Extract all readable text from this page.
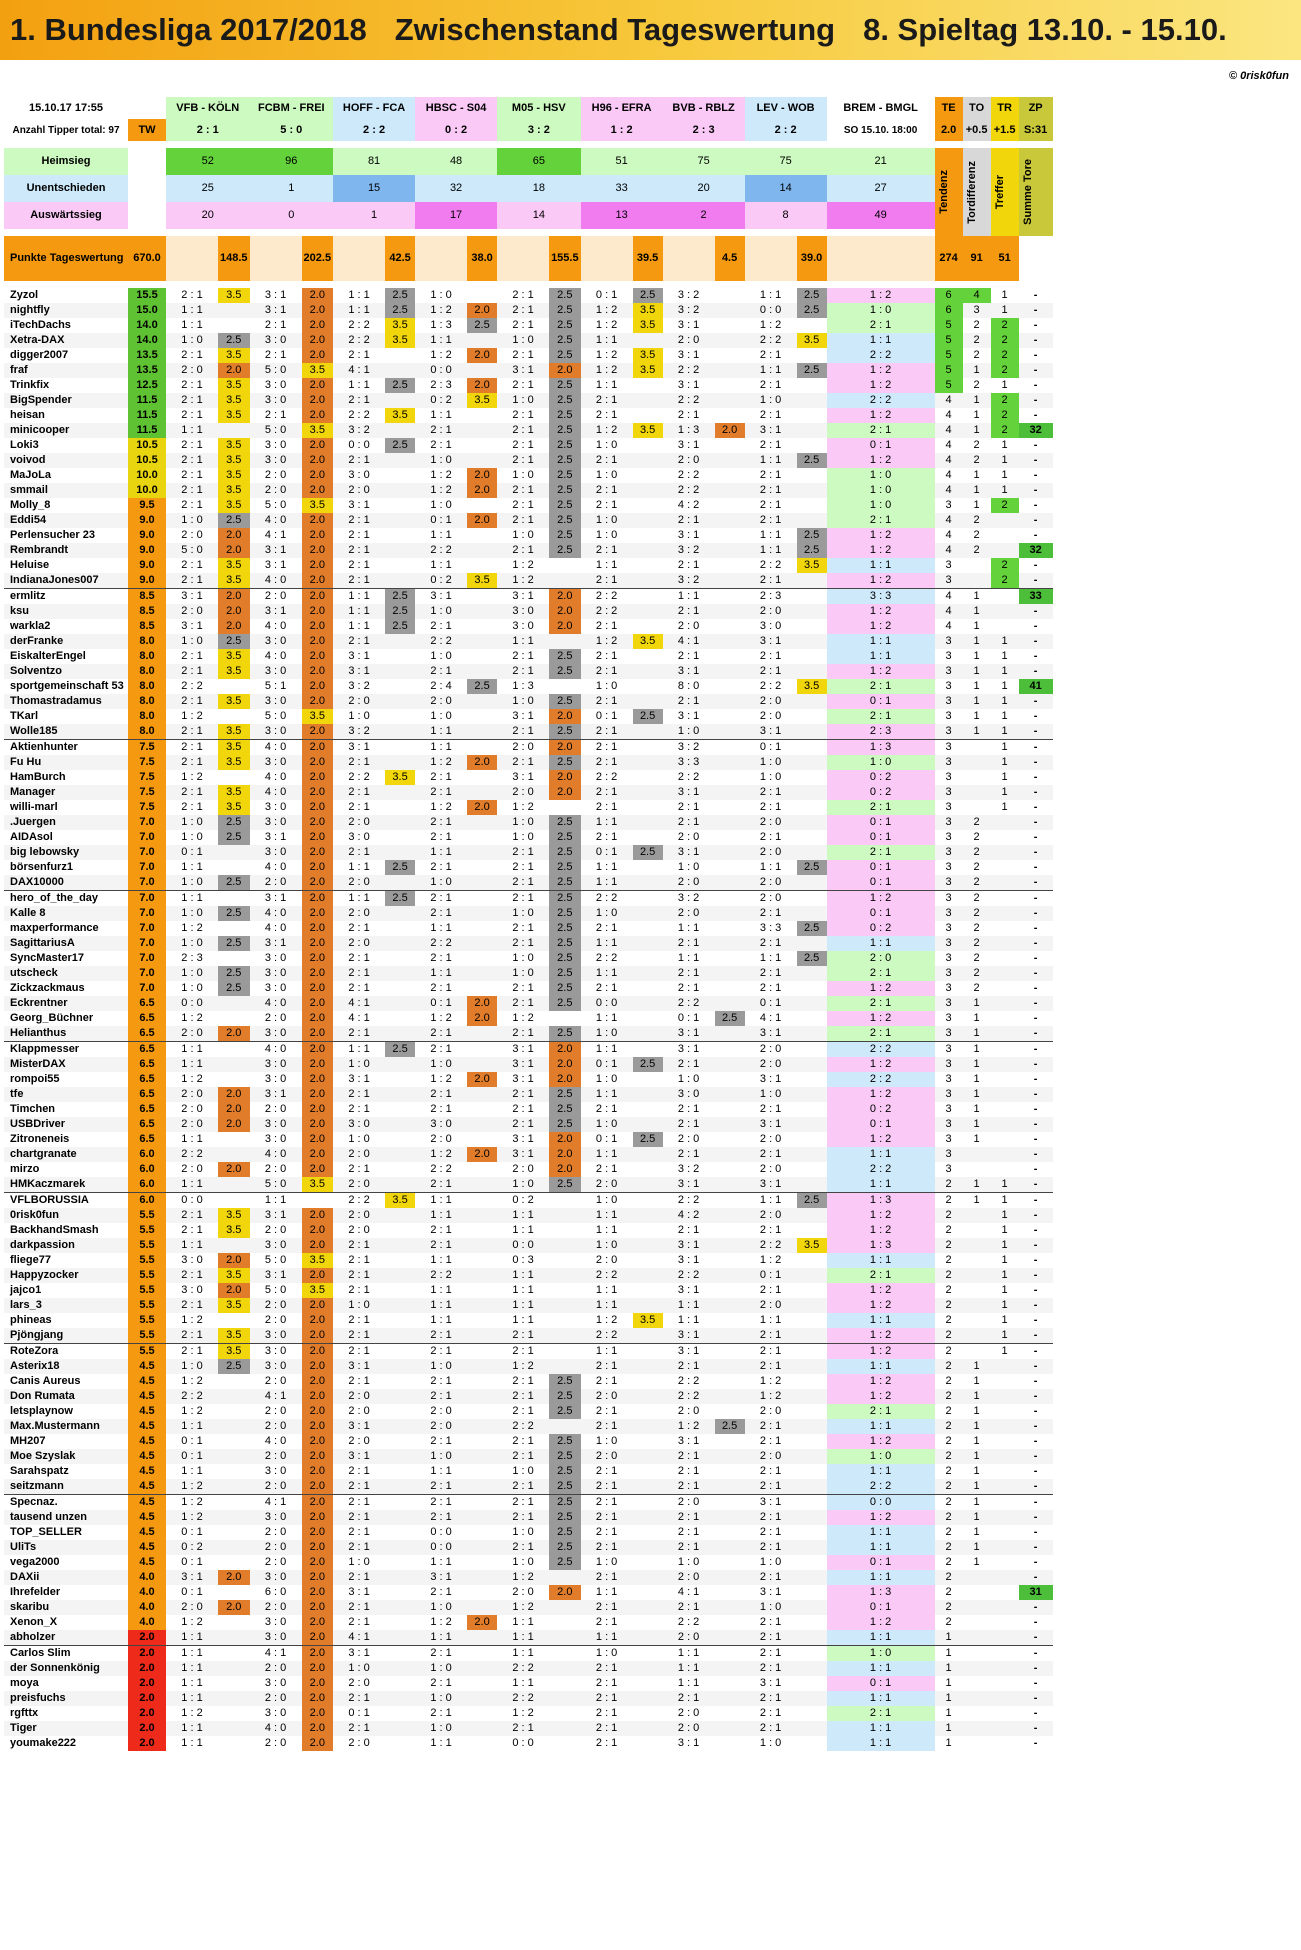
1. Bundesliga 2017/2018 Zwischenstand Tageswertung 8. Spieltag 13.10. - 15.10.
© 0risk0fun
15.10.17 17:55		VFB - KÖLN		FCBM - FREI		HOFF - FCA		HBSC - S04		M05 - HSV		H96 - EFRA		BVB - RBLZ		LEV - WOB		BREM - BMGL	TE	TO	TR	ZP
Anzahl Tipper total: 97	TW	2 : 1		5 : 0		2 : 2		0 : 2		3 : 2		1 : 2		2 : 3		2 : 2		SO 15.10. 18:00	2.0	+0.5	+1.5	S:31

Heimsieg		52		96		81		48		65		51		75		75		21	Tendenz	Tordifferenz	Treffer	Summe Tore

Unentschieden		25		1		15		32		18		33		20		14		27				
Auswärtssieg		20		0		1		17		14		13		2		8		49				

Punkte Tageswertung	670.0		148.5		202.5		42.5		38.0		155.5		39.5		4.5		39.0		274	91	51	

Zyzol	15.5	2 : 1	3.5	3 : 1	2.0	1 : 1	2.5	1 : 0		2 : 1	2.5	0 : 1	2.5	3 : 2		1 : 1	2.5	1 : 2	6	4	1	-
nightfly	15.0	1 : 1		3 : 1	2.0	1 : 1	2.5	1 : 2	2.0	2 : 1	2.5	1 : 2	3.5	3 : 2		0 : 0	2.5	1 : 0	6	3	1	-
iTechDachs	14.0	1 : 1		2 : 1	2.0	2 : 2	3.5	1 : 3	2.5	2 : 1	2.5	1 : 2	3.5	3 : 1		1 : 2		2 : 1	5	2	2	-
Xetra-DAX	14.0	1 : 0	2.5	3 : 0	2.0	2 : 2	3.5	1 : 1		1 : 0	2.5	1 : 1		2 : 0		2 : 2	3.5	1 : 1	5	2	2	-
digger2007	13.5	2 : 1	3.5	2 : 1	2.0	2 : 1		1 : 2	2.0	2 : 1	2.5	1 : 2	3.5	3 : 1		2 : 1		2 : 2	5	2	2	-
fraf	13.5	2 : 0	2.0	5 : 0	3.5	4 : 1		0 : 0		3 : 1	2.0	1 : 2	3.5	2 : 2		1 : 1	2.5	1 : 2	5	1	2	-
Trinkfix	12.5	2 : 1	3.5	3 : 0	2.0	1 : 1	2.5	2 : 3	2.0	2 : 1	2.5	1 : 1		3 : 1		2 : 1		1 : 2	5	2	1	-
BigSpender	11.5	2 : 1	3.5	3 : 0	2.0	2 : 1		0 : 2	3.5	1 : 0	2.5	2 : 1		2 : 2		1 : 0		2 : 2	4	1	2	-
heisan	11.5	2 : 1	3.5	2 : 1	2.0	2 : 2	3.5	1 : 1		2 : 1	2.5	2 : 1		2 : 1		2 : 1		1 : 2	4	1	2	-
minicooper	11.5	1 : 1		5 : 0	3.5	3 : 2		2 : 1		2 : 1	2.5	1 : 2	3.5	1 : 3	2.0	3 : 1		2 : 1	4	1	2	32
Loki3	10.5	2 : 1	3.5	3 : 0	2.0	0 : 0	2.5	2 : 1		2 : 1	2.5	1 : 0		3 : 1		2 : 1		0 : 1	4	2	1	-
voivod	10.5	2 : 1	3.5	3 : 0	2.0	2 : 1		1 : 0		2 : 1	2.5	2 : 1		2 : 0		1 : 1	2.5	1 : 2	4	2	1	-
MaJoLa	10.0	2 : 1	3.5	2 : 0	2.0	3 : 0		1 : 2	2.0	1 : 0	2.5	1 : 0		2 : 2		2 : 1		1 : 0	4	1	1	-
smmail	10.0	2 : 1	3.5	2 : 0	2.0	2 : 0		1 : 2	2.0	2 : 1	2.5	2 : 1		2 : 2		2 : 1		1 : 0	4	1	1	-
Molly_8	9.5	2 : 1	3.5	5 : 0	3.5	3 : 1		1 : 0		2 : 1	2.5	2 : 1		4 : 2		2 : 1		1 : 0	3	1	2	-
Eddi54	9.0	1 : 0	2.5	4 : 0	2.0	2 : 1		0 : 1	2.0	2 : 1	2.5	1 : 0		2 : 1		2 : 1		2 : 1	4	2		-
Perlensucher 23	9.0	2 : 0	2.0	4 : 1	2.0	2 : 1		1 : 1		1 : 0	2.5	1 : 0		3 : 1		1 : 1	2.5	1 : 2	4	2		-
Rembrandt	9.0	5 : 0	2.0	3 : 1	2.0	2 : 1		2 : 2		2 : 1	2.5	2 : 1		3 : 2		1 : 1	2.5	1 : 2	4	2		32
Heluise	9.0	2 : 1	3.5	3 : 1	2.0	2 : 1		1 : 1		1 : 2		1 : 1		2 : 1		2 : 2	3.5	1 : 1	3		2	-
IndianaJones007	9.0	2 : 1	3.5	4 : 0	2.0	2 : 1		0 : 2	3.5	1 : 2		2 : 1		3 : 2		2 : 1		1 : 2	3		2	-
ermlitz	8.5	3 : 1	2.0	2 : 0	2.0	1 : 1	2.5	3 : 1		3 : 1	2.0	2 : 2		1 : 1		2 : 3		3 : 3	4	1		33
ksu	8.5	2 : 0	2.0	3 : 1	2.0	1 : 1	2.5	1 : 0		3 : 0	2.0	2 : 2		2 : 1		2 : 0		1 : 2	4	1		-
warkla2	8.5	3 : 1	2.0	4 : 0	2.0	1 : 1	2.5	2 : 1		3 : 0	2.0	2 : 1		2 : 0		3 : 0		1 : 2	4	1		-
derFranke	8.0	1 : 0	2.5	3 : 0	2.0	2 : 1		2 : 2		1 : 1		1 : 2	3.5	4 : 1		3 : 1		1 : 1	3	1	1	-
EiskalterEngel	8.0	2 : 1	3.5	4 : 0	2.0	3 : 1		1 : 0		2 : 1	2.5	2 : 1		2 : 1		2 : 1		1 : 1	3	1	1	-
Solventzo	8.0	2 : 1	3.5	3 : 0	2.0	3 : 1		2 : 1		2 : 1	2.5	2 : 1		3 : 1		2 : 1		1 : 2	3	1	1	-
sportgemeinschaft 53	8.0	2 : 2		5 : 1	2.0	3 : 2		2 : 4	2.5	1 : 3		1 : 0		8 : 0		2 : 2	3.5	2 : 1	3	1	1	41
Thomastradamus	8.0	2 : 1	3.5	3 : 0	2.0	2 : 0		2 : 0		1 : 0	2.5	2 : 1		2 : 1		2 : 0		0 : 1	3	1	1	-
TKarl	8.0	1 : 2		5 : 0	3.5	1 : 0		1 : 0		3 : 1	2.0	0 : 1	2.5	3 : 1		2 : 0		2 : 1	3	1	1	-
Wolle185	8.0	2 : 1	3.5	3 : 0	2.0	3 : 2		1 : 1		2 : 1	2.5	2 : 1		1 : 0		3 : 1		2 : 3	3	1	1	-
Aktienhunter	7.5	2 : 1	3.5	4 : 0	2.0	3 : 1		1 : 1		2 : 0	2.0	2 : 1		3 : 2		0 : 1		1 : 3	3		1	-
Fu Hu	7.5	2 : 1	3.5	3 : 0	2.0	2 : 1		1 : 2	2.0	2 : 1	2.5	2 : 1		3 : 3		1 : 0		1 : 0	3		1	-
HamBurch	7.5	1 : 2		4 : 0	2.0	2 : 2	3.5	2 : 1		3 : 1	2.0	2 : 2		2 : 2		1 : 0		0 : 2	3		1	-
Manager	7.5	2 : 1	3.5	4 : 0	2.0	2 : 1		2 : 1		2 : 0	2.0	2 : 1		3 : 1		2 : 1		0 : 2	3		1	-
willi-marl	7.5	2 : 1	3.5	3 : 0	2.0	2 : 1		1 : 2	2.0	1 : 2		2 : 1		2 : 1		2 : 1		2 : 1	3		1	-
.Juergen	7.0	1 : 0	2.5	3 : 0	2.0	2 : 0		2 : 1		1 : 0	2.5	1 : 1		2 : 1		2 : 0		0 : 1	3	2		-
AIDAsol	7.0	1 : 0	2.5	3 : 1	2.0	3 : 0		2 : 1		1 : 0	2.5	2 : 1		2 : 0		2 : 1		0 : 1	3	2		-
big lebowsky	7.0	0 : 1		3 : 0	2.0	2 : 1		1 : 1		2 : 1	2.5	0 : 1	2.5	3 : 1		2 : 0		2 : 1	3	2		-
börsenfurz1	7.0	1 : 1		4 : 0	2.0	1 : 1	2.5	2 : 1		2 : 1	2.5	1 : 1		1 : 0		1 : 1	2.5	0 : 1	3	2		-
DAX10000	7.0	1 : 0	2.5	2 : 0	2.0	2 : 0		1 : 0		2 : 1	2.5	1 : 1		2 : 0		2 : 0		0 : 1	3	2		-
hero_of_the_day	7.0	1 : 1		3 : 1	2.0	1 : 1	2.5	2 : 1		2 : 1	2.5	2 : 2		3 : 2		2 : 0		1 : 2	3	2		-
Kalle 8	7.0	1 : 0	2.5	4 : 0	2.0	2 : 0		2 : 1		1 : 0	2.5	1 : 0		2 : 0		2 : 1		0 : 1	3	2		-
maxperformance	7.0	1 : 2		4 : 0	2.0	2 : 1		1 : 1		2 : 1	2.5	2 : 1		1 : 1		3 : 3	2.5	0 : 2	3	2		-
SagittariusA	7.0	1 : 0	2.5	3 : 1	2.0	2 : 0		2 : 2		2 : 1	2.5	1 : 1		2 : 1		2 : 1		1 : 1	3	2		-
SyncMaster17	7.0	2 : 3		3 : 0	2.0	2 : 1		2 : 1		1 : 0	2.5	2 : 2		1 : 1		1 : 1	2.5	2 : 0	3	2		-
utscheck	7.0	1 : 0	2.5	3 : 0	2.0	2 : 1		1 : 1		1 : 0	2.5	1 : 1		2 : 1		2 : 1		2 : 1	3	2		-
Zickzackmaus	7.0	1 : 0	2.5	3 : 0	2.0	2 : 1		2 : 1		2 : 1	2.5	2 : 1		2 : 1		2 : 1		1 : 2	3	2		-
Eckrentner	6.5	0 : 0		4 : 0	2.0	4 : 1		0 : 1	2.0	2 : 1	2.5	0 : 0		2 : 2		0 : 1		2 : 1	3	1		-
Georg_Büchner	6.5	1 : 2		2 : 0	2.0	4 : 1		1 : 2	2.0	1 : 2		1 : 1		0 : 1	2.5	4 : 1		1 : 2	3	1		-
Helianthus	6.5	2 : 0	2.0	3 : 0	2.0	2 : 1		2 : 1		2 : 1	2.5	1 : 0		3 : 1		3 : 1		2 : 1	3	1		-
Klappmesser	6.5	1 : 1		4 : 0	2.0	1 : 1	2.5	2 : 1		3 : 1	2.0	1 : 1		3 : 1		2 : 0		2 : 2	3	1		-
MisterDAX	6.5	1 : 1		3 : 0	2.0	1 : 0		1 : 0		3 : 1	2.0	0 : 1	2.5	2 : 1		2 : 0		1 : 2	3	1		-
rompoi55	6.5	1 : 2		3 : 0	2.0	3 : 1		1 : 2	2.0	3 : 1	2.0	1 : 0		1 : 0		3 : 1		2 : 2	3	1		-
tfe	6.5	2 : 0	2.0	3 : 1	2.0	2 : 1		2 : 1		2 : 1	2.5	1 : 1		3 : 0		1 : 0		1 : 2	3	1		-
Timchen	6.5	2 : 0	2.0	2 : 0	2.0	2 : 1		2 : 1		2 : 1	2.5	2 : 1		2 : 1		2 : 1		0 : 2	3	1		-
USBDriver	6.5	2 : 0	2.0	3 : 0	2.0	3 : 0		3 : 0		2 : 1	2.5	1 : 0		2 : 1		3 : 1		0 : 1	3	1		-
Zitroneneis	6.5	1 : 1		3 : 0	2.0	1 : 0		2 : 0		3 : 1	2.0	0 : 1	2.5	2 : 0		2 : 0		1 : 2	3	1		-
chartgranate	6.0	2 : 2		4 : 0	2.0	2 : 0		1 : 2	2.0	3 : 1	2.0	1 : 1		2 : 1		2 : 1		1 : 1	3			-
mirzo	6.0	2 : 0	2.0	2 : 0	2.0	2 : 1		2 : 2		2 : 0	2.0	2 : 1		3 : 2		2 : 0		2 : 2	3			-
HMKaczmarek	6.0	1 : 1		5 : 0	3.5	2 : 0		2 : 1		1 : 0	2.5	2 : 0		3 : 1		3 : 1		1 : 1	2	1	1	-
VFLBORUSSIA	6.0	0 : 0		1 : 1		2 : 2	3.5	1 : 1		0 : 2		1 : 0		2 : 2		1 : 1	2.5	1 : 3	2	1	1	-
0risk0fun	5.5	2 : 1	3.5	3 : 1	2.0	2 : 0		1 : 1		1 : 1		1 : 1		4 : 2		2 : 0		1 : 2	2		1	-
BackhandSmash	5.5	2 : 1	3.5	2 : 0	2.0	2 : 0		2 : 1		1 : 1		1 : 1		2 : 1		2 : 1		1 : 2	2		1	-
darkpassion	5.5	1 : 1		3 : 0	2.0	2 : 1		2 : 1		0 : 0		1 : 0		3 : 1		2 : 2	3.5	1 : 3	2		1	-
fliege77	5.5	3 : 0	2.0	5 : 0	3.5	2 : 1		1 : 1		0 : 3		2 : 0		3 : 1		1 : 2		1 : 1	2		1	-
Happyzocker	5.5	2 : 1	3.5	3 : 1	2.0	2 : 1		2 : 2		1 : 1		2 : 2		2 : 2		0 : 1		2 : 1	2		1	-
jajco1	5.5	3 : 0	2.0	5 : 0	3.5	2 : 1		1 : 1		1 : 1		1 : 1		3 : 1		2 : 1		1 : 2	2		1	-
lars_3	5.5	2 : 1	3.5	2 : 0	2.0	1 : 0		1 : 1		1 : 1		1 : 1		1 : 1		2 : 0		1 : 2	2		1	-
phineas	5.5	1 : 2		2 : 0	2.0	2 : 1		1 : 1		1 : 1		1 : 2	3.5	1 : 1		1 : 1		1 : 1	2		1	-
Pjöngjang	5.5	2 : 1	3.5	3 : 0	2.0	2 : 1		2 : 1		2 : 1		2 : 2		3 : 1		2 : 1		1 : 2	2		1	-
RoteZora	5.5	2 : 1	3.5	3 : 0	2.0	2 : 1		2 : 1		2 : 1		1 : 1		3 : 1		2 : 1		1 : 2	2		1	-
Asterix18	4.5	1 : 0	2.5	3 : 0	2.0	3 : 1		1 : 0		1 : 2		2 : 1		2 : 1		2 : 1		1 : 1	2	1		-
Canis Aureus	4.5	1 : 2		2 : 0	2.0	2 : 1		2 : 1		2 : 1	2.5	2 : 1		2 : 2		1 : 2		1 : 2	2	1		-
Don Rumata	4.5	2 : 2		4 : 1	2.0	2 : 0		2 : 1		2 : 1	2.5	2 : 0		2 : 2		1 : 2		1 : 2	2	1		-
letsplaynow	4.5	1 : 2		2 : 0	2.0	2 : 0		2 : 0		2 : 1	2.5	2 : 1		2 : 0		2 : 0		2 : 1	2	1		-
Max.Mustermann	4.5	1 : 1		2 : 0	2.0	3 : 1		2 : 0		2 : 2		2 : 1		1 : 2	2.5	2 : 1		1 : 1	2	1		-
MH207	4.5	0 : 1		4 : 0	2.0	2 : 0		2 : 1		2 : 1	2.5	1 : 0		3 : 1		2 : 1		1 : 2	2	1		-
Moe Szyslak	4.5	0 : 1		2 : 0	2.0	3 : 1		1 : 0		2 : 1	2.5	2 : 0		2 : 1		2 : 0		1 : 0	2	1		-
Sarahspatz	4.5	1 : 1		3 : 0	2.0	2 : 1		1 : 1		1 : 0	2.5	2 : 1		2 : 1		2 : 1		1 : 1	2	1		-
seitzmann	4.5	1 : 2		2 : 0	2.0	2 : 1		2 : 1		2 : 1	2.5	2 : 1		2 : 1		2 : 1		2 : 2	2	1		-
Specnaz.	4.5	1 : 2		4 : 1	2.0	2 : 1		2 : 1		2 : 1	2.5	2 : 1		2 : 0		3 : 1		0 : 0	2	1		-
tausend unzen	4.5	1 : 2		3 : 0	2.0	2 : 1		2 : 1		2 : 1	2.5	2 : 1		2 : 1		2 : 1		1 : 2	2	1		-
TOP_SELLER	4.5	0 : 1		2 : 0	2.0	2 : 1		0 : 0		1 : 0	2.5	2 : 1		2 : 1		2 : 1		1 : 1	2	1		-
UliTs	4.5	0 : 2		2 : 0	2.0	2 : 1		0 : 0		2 : 1	2.5	2 : 1		2 : 1		2 : 1		1 : 1	2	1		-
vega2000	4.5	0 : 1		2 : 0	2.0	1 : 0		1 : 1		1 : 0	2.5	1 : 0		1 : 0		1 : 0		0 : 1	2	1		-
DAXii	4.0	3 : 1	2.0	3 : 0	2.0	2 : 1		3 : 1		1 : 2		2 : 1		2 : 0		2 : 1		1 : 1	2			-
Ihrefelder	4.0	0 : 1		6 : 0	2.0	3 : 1		2 : 1		2 : 0	2.0	1 : 1		4 : 1		3 : 1		1 : 3	2			31
skaribu	4.0	2 : 0	2.0	2 : 0	2.0	2 : 1		1 : 0		1 : 2		2 : 1		2 : 1		1 : 0		0 : 1	2			-
Xenon_X	4.0	1 : 2		3 : 0	2.0	2 : 1		1 : 2	2.0	1 : 1		2 : 1		2 : 2		2 : 1		1 : 2	2			-
abholzer	2.0	1 : 1		3 : 0	2.0	4 : 1		1 : 1		1 : 1		1 : 1		2 : 0		2 : 1		1 : 1	1			-
Carlos Slim	2.0	1 : 1		4 : 1	2.0	3 : 1		2 : 1		1 : 1		1 : 0		1 : 1		2 : 1		1 : 0	1			-
der Sonnenkönig	2.0	1 : 1		2 : 0	2.0	1 : 0		1 : 0		2 : 2		2 : 1		1 : 1		2 : 1		1 : 1	1			-
moya	2.0	1 : 1		3 : 0	2.0	2 : 0		2 : 1		1 : 1		2 : 1		1 : 1		3 : 1		0 : 1	1			-
preisfuchs	2.0	1 : 1		2 : 0	2.0	2 : 1		1 : 0		2 : 2		2 : 1		2 : 1		2 : 1		1 : 1	1			-
rgfttx	2.0	1 : 2		3 : 0	2.0	0 : 1		2 : 1		1 : 2		2 : 1		2 : 0		2 : 1		2 : 1	1			-
Tiger	2.0	1 : 1		4 : 0	2.0	2 : 1		1 : 0		2 : 1		2 : 1		2 : 0		2 : 1		1 : 1	1			-
youmake222	2.0	1 : 1		2 : 0	2.0	2 : 0		1 : 1		0 : 0		2 : 1		3 : 1		1 : 0		1 : 1	1			-
